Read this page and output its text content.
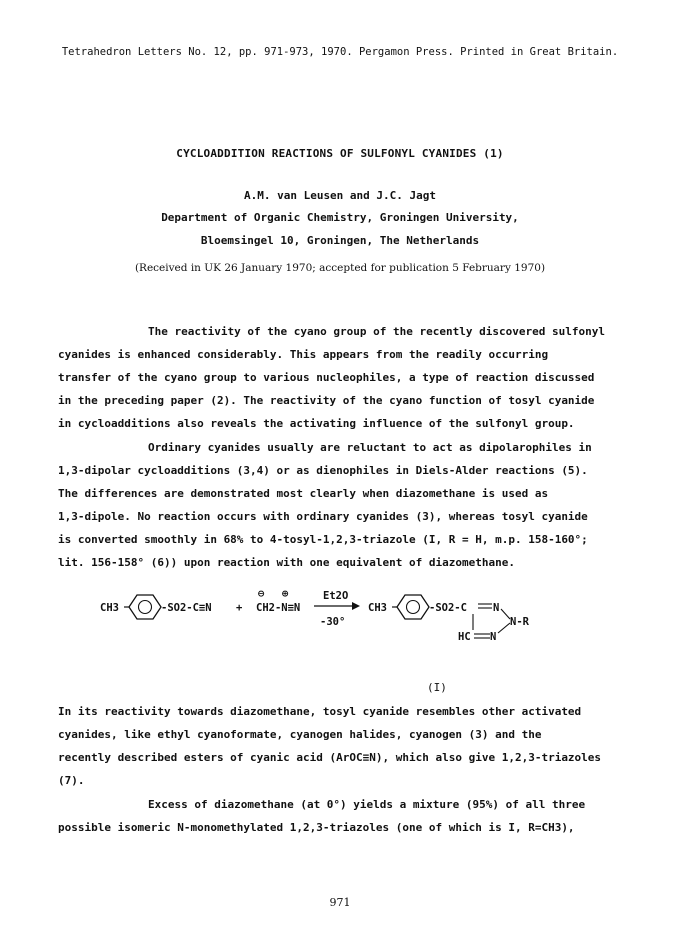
Tetrahedron Letters No. 12, pp. 971-973, 1970. Pergamon Press. Printed in Great Britain.
CYCLOADDITION REACTIONS OF SULFONYL CYANIDES (1)
A.M. van Leusen and J.C. Jagt
Department of Organic Chemistry, Groningen University,
Bloemsingel 10, Groningen, The Netherlands
(Received in UK 26 January 1970; accepted for publication 5 February 1970)
The reactivity of the cyano group of the recently discovered sulfonyl
cyanides is enhanced considerably. This appears from the readily occurring
transfer of the cyano group to various nucleophiles, a type of reaction discussed
in the preceding paper (2). The reactivity of the cyano function of tosyl cyanide
in cycloadditions also reveals the activating influence of the sulfonyl group.
Ordinary cyanides usually are reluctant to act as dipolarophiles in
1,3-dipolar cycloadditions (3,4) or as dienophiles in Diels-Alder reactions (5).
The differences are demonstrated most clearly when diazomethane is used as
1,3-dipole. No reaction occurs with ordinary cyanides (3), whereas tosyl cyanide
is converted smoothly in 68% to 4-tosyl-1,2,3-triazole (I, R = H, m.p. 158-160°;
lit. 156-158° (6)) upon reaction with one equivalent of diazomethane.
CH3	-SO2-C≡N +
⊖ ⊕
CH2-N≡N
Et2O
-30°
CH3	-SO2-C N
N-R
HC N
(I)
In its reactivity towards diazomethane, tosyl cyanide resembles other activated
cyanides, like ethyl cyanoformate, cyanogen halides, cyanogen (3) and the
recently described esters of cyanic acid (ArOC≡N), which also give 1,2,3-triazoles
(7).
Excess of diazomethane (at 0°) yields a mixture (95%) of all three
possible isomeric N-monomethylated 1,2,3-triazoles (one of which is I, R=CH3),
971
